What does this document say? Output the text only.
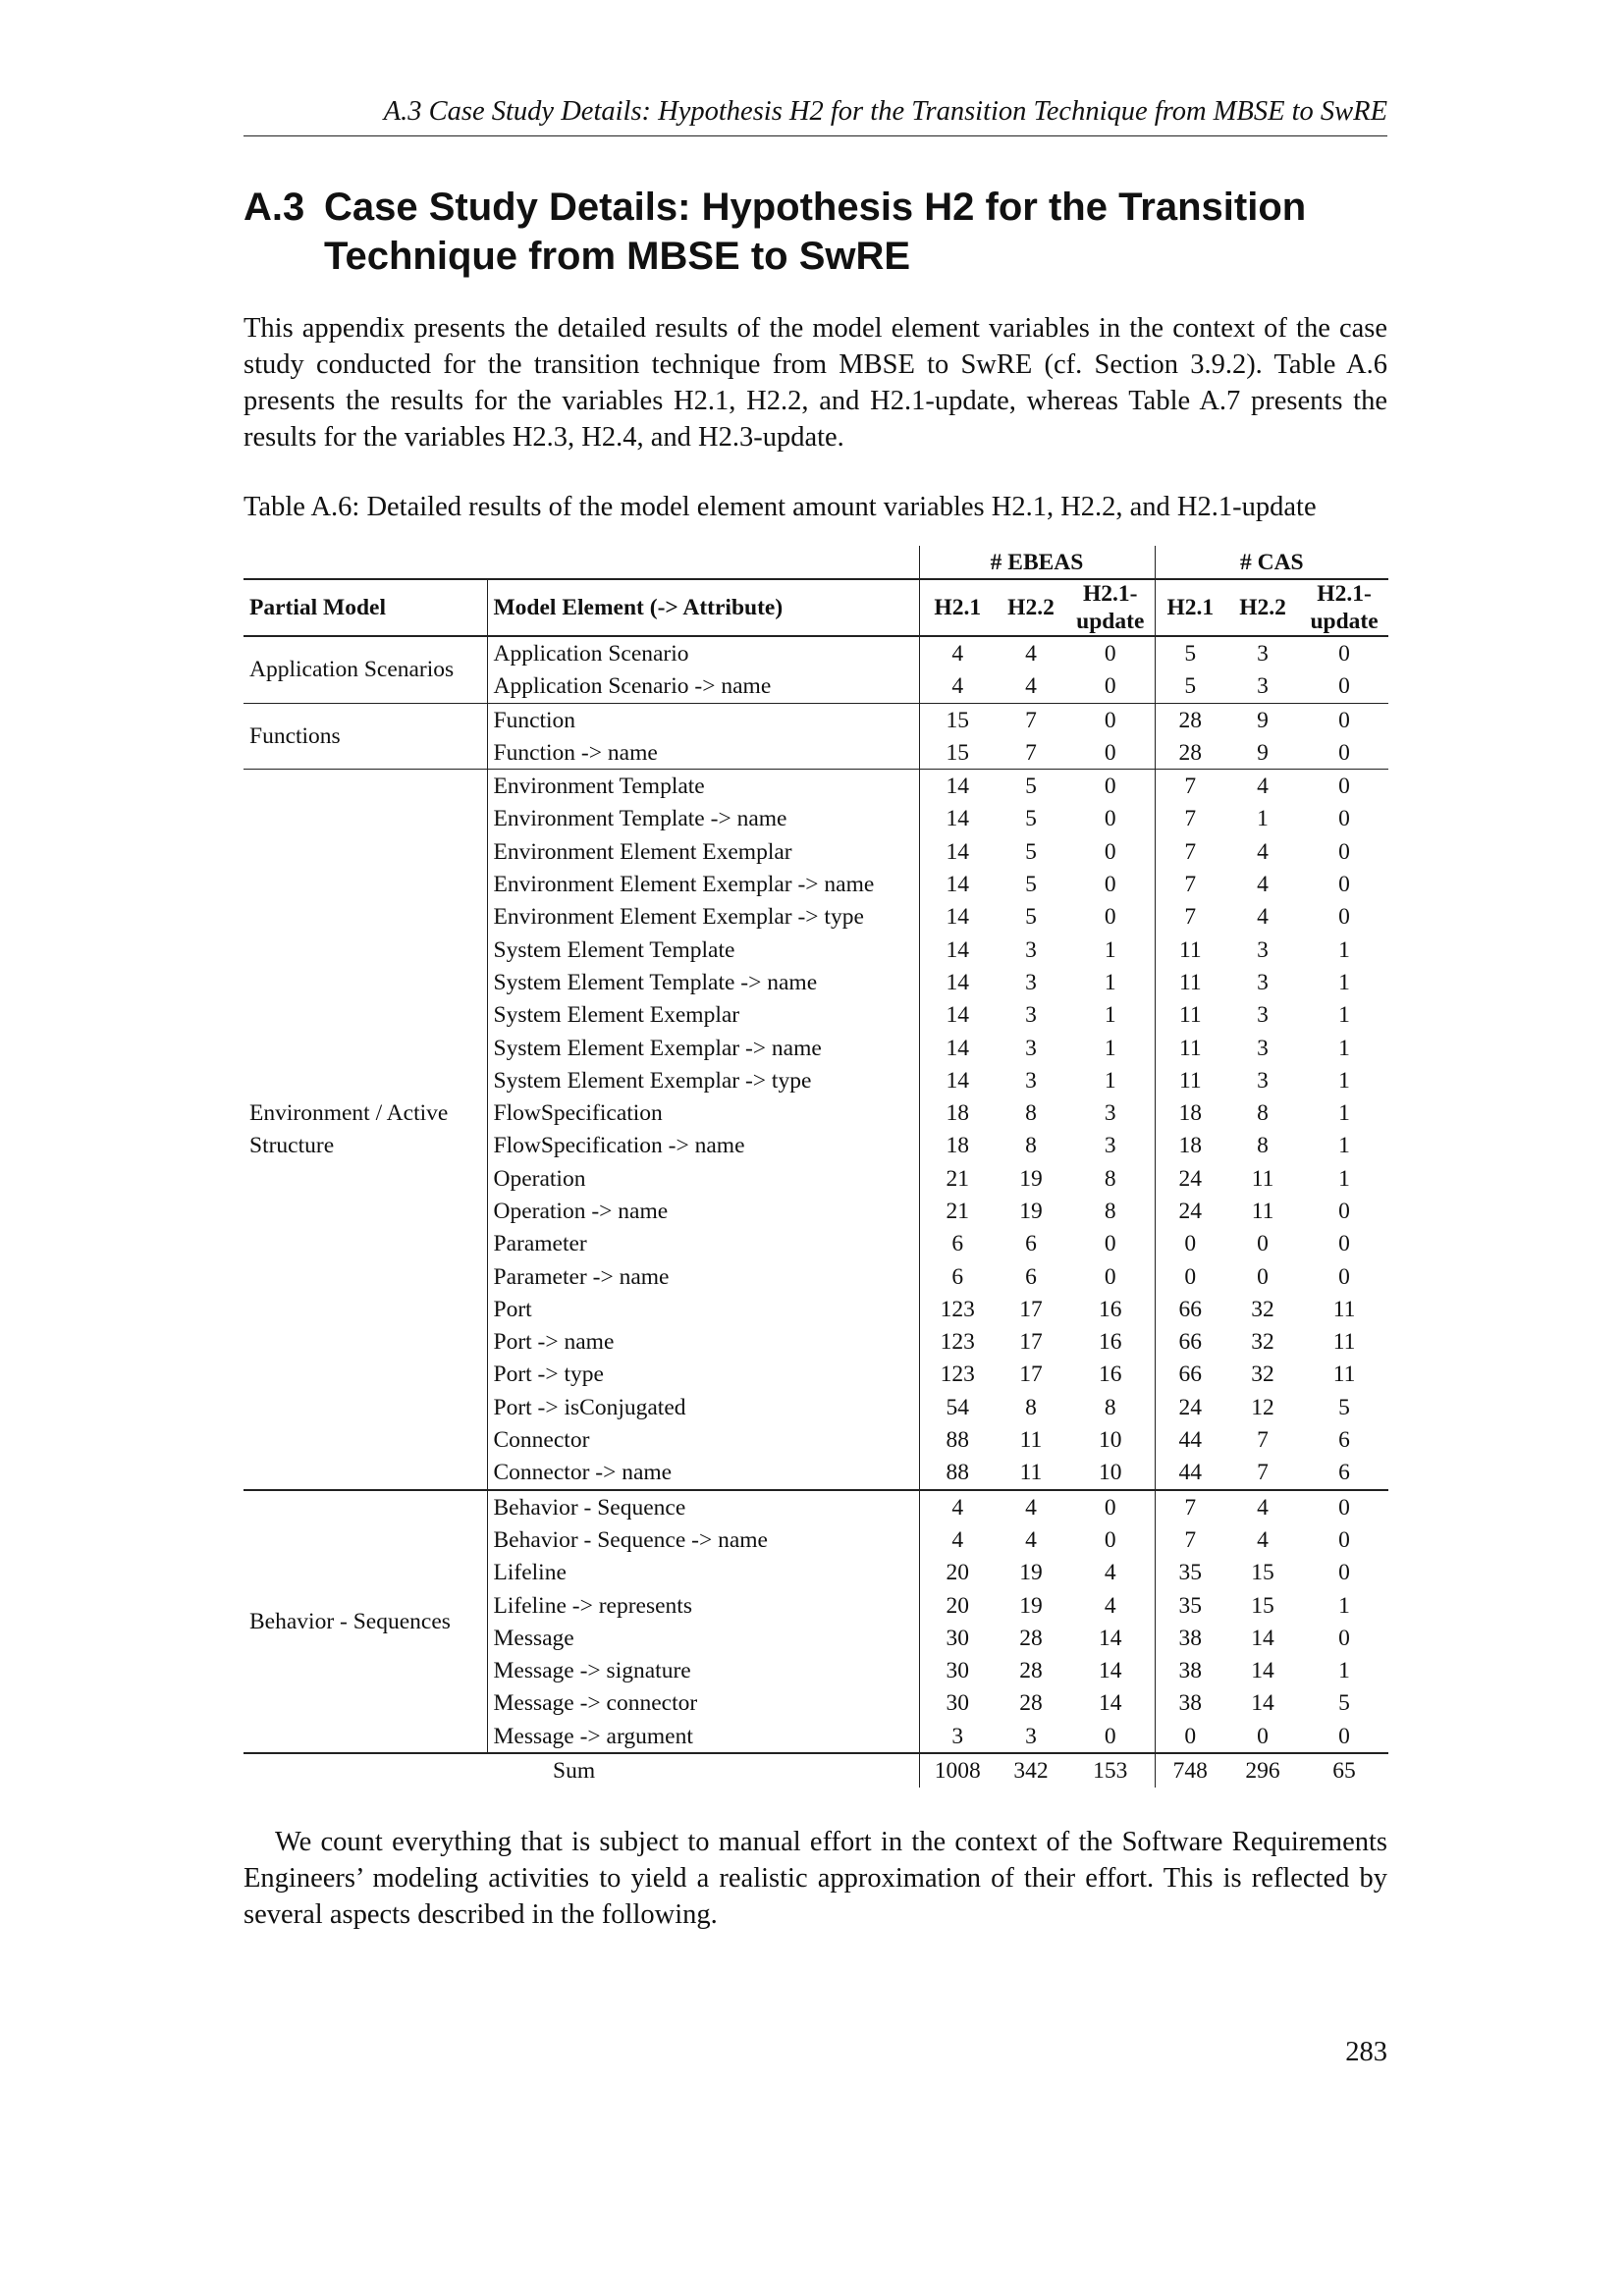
A.3 Case Study Details: Hypothesis H2 for the Transition Technique from MBSE to SwRE
A.3 Case Study Details: Hypothesis H2 for the Transition Technique from MBSE to SwRE

This appendix presents the detailed results of the model element variables in the context of the case study conducted for the transition technique from MBSE to SwRE (cf. Section 3.9.2). Table A.6 presents the results for the variables H2.1, H2.2, and H2.1-update, whereas Table A.7 presents the results for the variables H2.3, H2.4, and H2.3-update.

Table A.6: Detailed results of the model element amount variables H2.1, H2.2, and H2.1-update
		# EBEAS			# CAS		
Partial Model	Model Element (-> Attribute)	H2.1	H2.2	H2.1-update	H2.1	H2.2	H2.1-update
Application Scenarios	Application Scenario	4	4	0	5	3	0
	Application Scenario -> name	4	4	0	5	3	0
Functions	Function	15	7	0	28	9	0
	Function -> name	15	7	0	28	9	0
Environment / Active Structure	Environment Template	14	5	0	7	4	0
	Environment Template -> name	14	5	0	7	1	0
	Environment Element Exemplar	14	5	0	7	4	0
	Environment Element Exemplar -> name	14	5	0	7	4	0
	Environment Element Exemplar -> type	14	5	0	7	4	0
	System Element Template	14	3	1	11	3	1
	System Element Template -> name	14	3	1	11	3	1
	System Element Exemplar	14	3	1	11	3	1
	System Element Exemplar -> name	14	3	1	11	3	1
	System Element Exemplar -> type	14	3	1	11	3	1
	FlowSpecification	18	8	3	18	8	1
	FlowSpecification -> name	18	8	3	18	8	1
	Operation	21	19	8	24	11	1
	Operation -> name	21	19	8	24	11	0
	Parameter	6	6	0	0	0	0
	Parameter -> name	6	6	0	0	0	0
	Port	123	17	16	66	32	11
	Port -> name	123	17	16	66	32	11
	Port -> type	123	17	16	66	32	11
	Port -> isConjugated	54	8	8	24	12	5
	Connector	88	11	10	44	7	6
	Connector -> name	88	11	10	44	7	6
Behavior - Sequences	Behavior - Sequence	4	4	0	7	4	0
	Behavior - Sequence -> name	4	4	0	7	4	0
	Lifeline	20	19	4	35	15	0
	Lifeline -> represents	20	19	4	35	15	1
	Message	30	28	14	38	14	0
	Message -> signature	30	28	14	38	14	1
	Message -> connector	30	28	14	38	14	5
	Message -> argument	3	3	0	0	0	0
Sum		1008	342	153	748	296	65

We count everything that is subject to manual effort in the context of the Software Requirements Engineers’ modeling activities to yield a realistic approximation of their effort. This is reflected by several aspects described in the following.

283
